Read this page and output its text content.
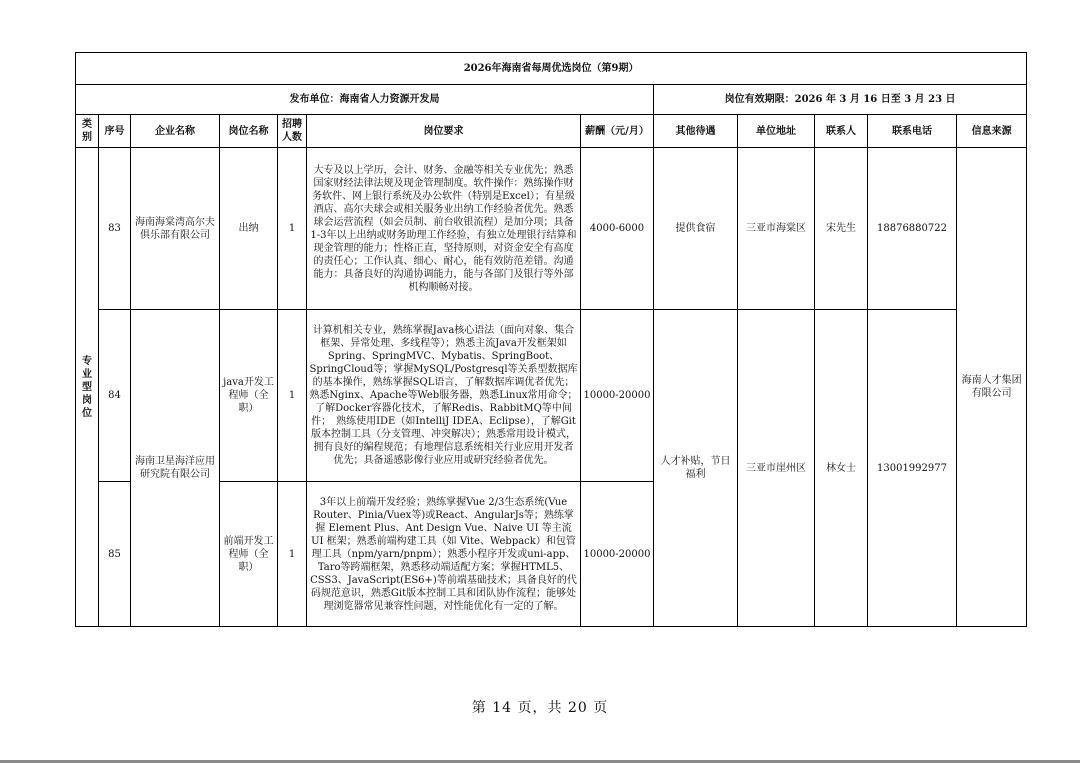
2026年海南省每周优选岗位（第9期）											
发布单位：海南省人力资源开发局							岗位有效期限：2026 年 3 月 16 日至 3 月 23 日				
类别	序号	企业名称	岗位名称	招聘人数	岗位要求	薪酬（元/月）	其他待遇	单位地址	联系人	联系电话	信息来源

专业型岗位	83	海南海棠湾高尔夫俱乐部有限公司	出纳	1	大专及以上学历，会计、财务、金融等相关专业优先；熟悉国家财经法律法规及现金管理制度。软件操作：熟练操作财务软件、网上银行系统及办公软件（特别是Excel）；有星级酒店、高尔夫球会或相关服务业出纳工作经验者优先。熟悉球会运营流程（如会员制、前台收银流程）是加分项；具备1-3年以上出纳或财务助理工作经验，有独立处理银行结算和现金管理的能力；性格正直，坚持原则，对资金安全有高度的责任心；工作认真、细心、耐心，能有效防范差错。沟通能力：具备良好的沟通协调能力，能与各部门及银行等外部机构顺畅对接。	4000-6000	提供食宿	三亚市海棠区	宋先生	18876880722	海南人才集团有限公司
	84	海南卫星海洋应用研究院有限公司	java开发工程师（全职）	1	计算机相关专业，熟练掌握Java核心语法（面向对象、集合框架、异常处理、多线程等）；熟悉主流Java开发框架如Spring、SpringMVC、Mybatis、SpringBoot、SpringCloud等；掌握MySQL/Postgresql等关系型数据库的基本操作，熟练掌握SQL语言，了解数据库调优者优先；熟悉Nginx、Apache等Web服务器，熟悉Linux常用命令；了解Docker容器化技术，了解Redis、RabbitMQ等中间件；　熟练使用IDE（如IntelliJ IDEA、Eclipse），了解Git版本控制工具（分支管理、冲突解决）；熟悉常用设计模式，拥有良好的编程规范；有地理信息系统相关行业应用开发者优先；具备遥感影像行业应用或研究经验者优先。	10000-20000	人才补贴，节日福利	三亚市崖州区	林女士	13001992977	
	85		前端开发工程师（全职）	1	3年以上前端开发经验；熟练掌握Vue 2/3生态系统(Vue Router、Pinia/Vuex等)或React、AngularJs等；熟练掌握 Element Plus、Ant Design Vue、Naive UI 等主流 UI 框架；熟悉前端构建工具（如 Vite、Webpack）和包管理工具（npm/yarn/pnpm）；熟悉小程序开发或uni-app、Taro等跨端框架，熟悉移动端适配方案；掌握HTML5、CSS3、JavaScript(ES6+)等前端基础技术；具备良好的代码规范意识，熟悉Git版本控制工具和团队协作流程；能够处理浏览器常见兼容性问题，对性能优化有一定的了解。	10000-20000					
第 14 页，共 20 页
